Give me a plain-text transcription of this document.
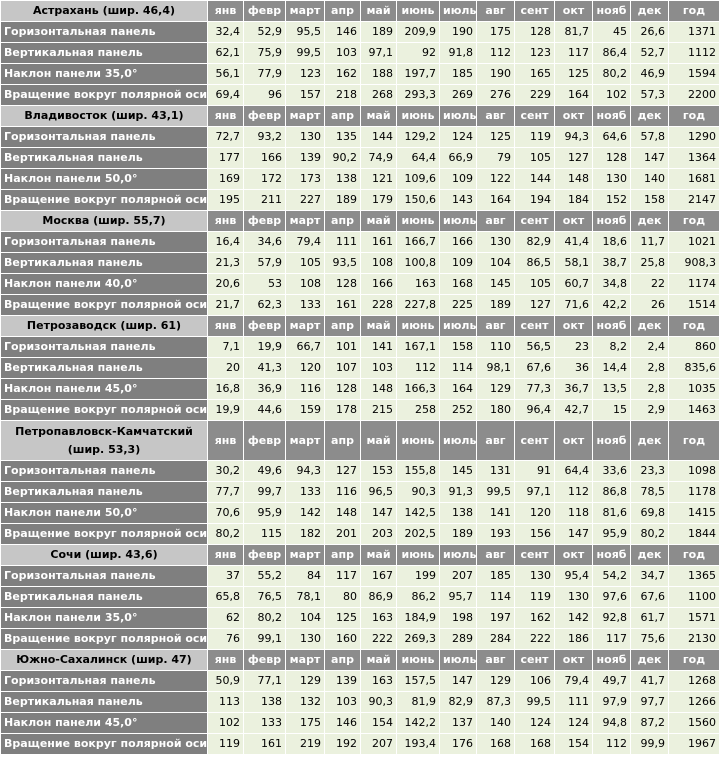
Астрахань (шир. 46,4)	янв	февр	март	апр	май	июнь	июль	авг	сент	окт	нояб	дек	год
Горизонтальная панель	32,4	52,9	95,5	146	189	209,9	190	175	128	81,7	45	26,6	1371
Вертикальная панель	62,1	75,9	99,5	103	97,1	92	91,8	112	123	117	86,4	52,7	1112
Наклон панели 35,0°	56,1	77,9	123	162	188	197,7	185	190	165	125	80,2	46,9	1594
Вращение вокруг полярной оси	69,4	96	157	218	268	293,3	269	276	229	164	102	57,3	2200
Владивосток (шир. 43,1)	янв	февр	март	апр	май	июнь	июль	авг	сент	окт	нояб	дек	год
Горизонтальная панель	72,7	93,2	130	135	144	129,2	124	125	119	94,3	64,6	57,8	1290
Вертикальная панель	177	166	139	90,2	74,9	64,4	66,9	79	105	127	128	147	1364
Наклон панели 50,0°	169	172	173	138	121	109,6	109	122	144	148	130	140	1681
Вращение вокруг полярной оси	195	211	227	189	179	150,6	143	164	194	184	152	158	2147
Москва (шир. 55,7)	янв	февр	март	апр	май	июнь	июль	авг	сент	окт	нояб	дек	год
Горизонтальная панель	16,4	34,6	79,4	111	161	166,7	166	130	82,9	41,4	18,6	11,7	1021
Вертикальная панель	21,3	57,9	105	93,5	108	100,8	109	104	86,5	58,1	38,7	25,8	908,3
Наклон панели 40,0°	20,6	53	108	128	166	163	168	145	105	60,7	34,8	22	1174
Вращение вокруг полярной оси	21,7	62,3	133	161	228	227,8	225	189	127	71,6	42,2	26	1514
Петрозаводск (шир. 61)	янв	февр	март	апр	май	июнь	июль	авг	сент	окт	нояб	дек	год
Горизонтальная панель	7,1	19,9	66,7	101	141	167,1	158	110	56,5	23	8,2	2,4	860
Вертикальная панель	20	41,3	120	107	103	112	114	98,1	67,6	36	14,4	2,8	835,6
Наклон панели 45,0°	16,8	36,9	116	128	148	166,3	164	129	77,3	36,7	13,5	2,8	1035
Вращение вокруг полярной оси	19,9	44,6	159	178	215	258	252	180	96,4	42,7	15	2,9	1463
Петропавловск-Камчатский (шир. 53,3)	янв	февр	март	апр	май	июнь	июль	авг	сент	окт	нояб	дек	год
Горизонтальная панель	30,2	49,6	94,3	127	153	155,8	145	131	91	64,4	33,6	23,3	1098
Вертикальная панель	77,7	99,7	133	116	96,5	90,3	91,3	99,5	97,1	112	86,8	78,5	1178
Наклон панели 50,0°	70,6	95,9	142	148	147	142,5	138	141	120	118	81,6	69,8	1415
Вращение вокруг полярной оси	80,2	115	182	201	203	202,5	189	193	156	147	95,9	80,2	1844
Сочи (шир. 43,6)	янв	февр	март	апр	май	июнь	июль	авг	сент	окт	нояб	дек	год
Горизонтальная панель	37	55,2	84	117	167	199	207	185	130	95,4	54,2	34,7	1365
Вертикальная панель	65,8	76,5	78,1	80	86,9	86,2	95,7	114	119	130	97,6	67,6	1100
Наклон панели 35,0°	62	80,2	104	125	163	184,9	198	197	162	142	92,8	61,7	1571
Вращение вокруг полярной оси	76	99,1	130	160	222	269,3	289	284	222	186	117	75,6	2130
Южно-Сахалинск (шир. 47)	янв	февр	март	апр	май	июнь	июль	авг	сент	окт	нояб	дек	год
Горизонтальная панель	50,9	77,1	129	139	163	157,5	147	129	106	79,4	49,7	41,7	1268
Вертикальная панель	113	138	132	103	90,3	81,9	82,9	87,3	99,5	111	97,9	97,7	1266
Наклон панели 45,0°	102	133	175	146	154	142,2	137	140	124	124	94,8	87,2	1560
Вращение вокруг полярной оси	119	161	219	192	207	193,4	176	168	168	154	112	99,9	1967
